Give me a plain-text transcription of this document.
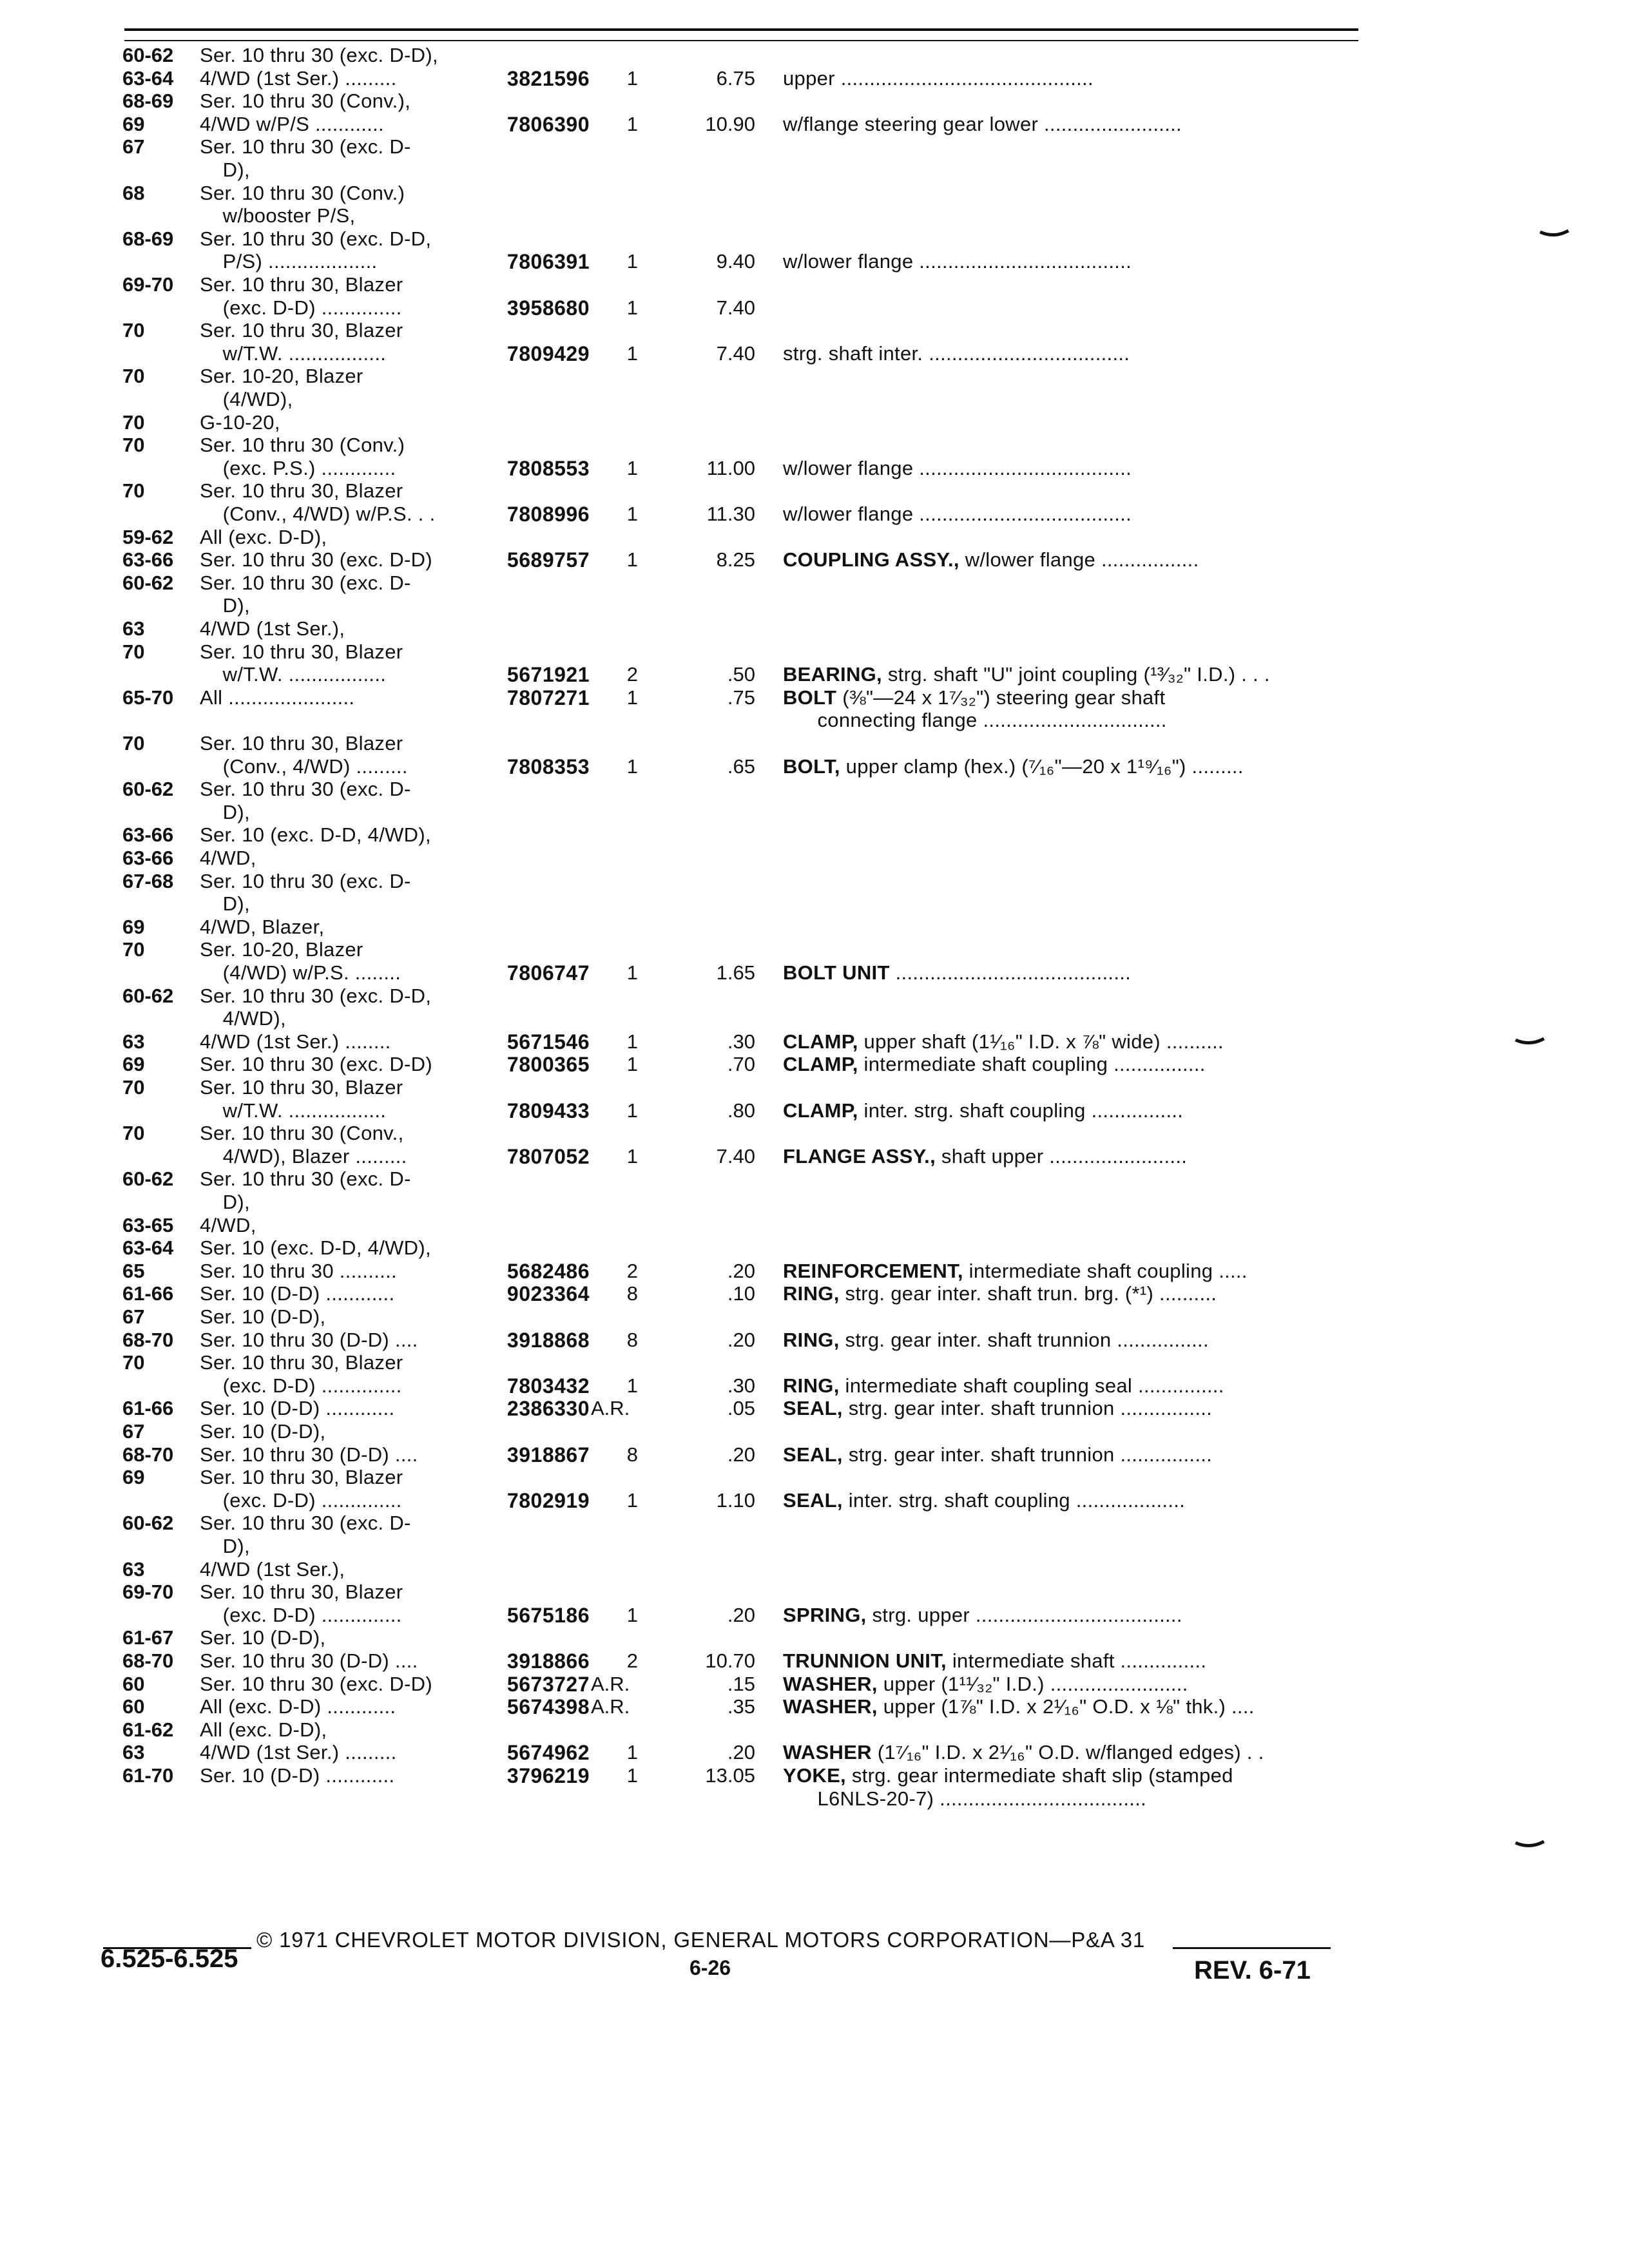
60-62 Ser. 10 thru 30 (exc. D-D),
63-64 4/WD (1st Ser.) .........	3821596	1	6.75 upper ............................................
68-69 Ser. 10 thru 30 (Conv.),
69	4/WD w/P/S ............	7806390	1	10.90 w/flange steering gear lower ........................
67	Ser. 10 thru 30 (exc. D-
D),
68	Ser. 10 thru 30 (Conv.)
w/booster P/S,
68-69 Ser. 10 thru 30 (exc. D-D,
P/S) ...................	7806391	1	9.40 w/lower flange .....................................
69-70 Ser. 10 thru 30, Blazer
(exc. D-D) ..............	3958680	1	7.40
70	Ser. 10 thru 30, Blazer
w/T.W. .................	7809429	1	7.40 strg. shaft inter. ...................................
70	Ser. 10-20, Blazer
(4/WD),
70	G-10-20,
70	Ser. 10 thru 30 (Conv.)
(exc. P.S.) .............	7808553	1	11.00 w/lower flange .....................................
70	Ser. 10 thru 30, Blazer
(Conv., 4/WD) w/P.S. . .	7808996	1	11.30 w/lower flange .....................................
59-62 All (exc. D-D),
63-66 Ser. 10 thru 30 (exc. D-D)	5689757	1	8.25 COUPLING ASSY., w/lower flange .................
60-62 Ser. 10 thru 30 (exc. D-
D),
63	4/WD (1st Ser.),
70	Ser. 10 thru 30, Blazer
w/T.W. .................	5671921	2	.50 BEARING, strg. shaft "U" joint coupling (¹³⁄₃₂" I.D.) . . .
65-70 All ......................	7807271	1	.75 BOLT (⅜"—24 x 1⁷⁄₃₂") steering gear shaft
connecting flange ................................
70	Ser. 10 thru 30, Blazer
(Conv., 4/WD) .........	7808353	1	.65 BOLT, upper clamp (hex.) (⁷⁄₁₆"—20 x 1¹⁹⁄₁₆") .........
60-62 Ser. 10 thru 30 (exc. D-
D),
63-66 Ser. 10 (exc. D-D, 4/WD),
63-66 4/WD,
67-68 Ser. 10 thru 30 (exc. D-
D),
69	4/WD, Blazer,
70	Ser. 10-20, Blazer
(4/WD) w/P.S. ........	7806747	1	1.65 BOLT UNIT .........................................
60-62 Ser. 10 thru 30 (exc. D-D,
4/WD),
63	4/WD (1st Ser.) ........	5671546	1	.30 CLAMP, upper shaft (1¹⁄₁₆" I.D. x ⅞" wide) ..........
69	Ser. 10 thru 30 (exc. D-D)	7800365	1	.70 CLAMP, intermediate shaft coupling ................
70	Ser. 10 thru 30, Blazer
w/T.W. .................	7809433	1	.80 CLAMP, inter. strg. shaft coupling ................
70	Ser. 10 thru 30 (Conv.,
4/WD), Blazer .........	7807052	1	7.40 FLANGE ASSY., shaft upper ........................
60-62 Ser. 10 thru 30 (exc. D-
D),
63-65 4/WD,
63-64 Ser. 10 (exc. D-D, 4/WD),
65	Ser. 10 thru 30 ..........	5682486	2	.20 REINFORCEMENT, intermediate shaft coupling .....
61-66 Ser. 10 (D-D) ............	9023364	8	.10 RING, strg. gear inter. shaft trun. brg. (*¹) ..........
67	Ser. 10 (D-D),
68-70 Ser. 10 thru 30 (D-D) ....	3918868	8	.20 RING, strg. gear inter. shaft trunnion ................
70	Ser. 10 thru 30, Blazer
(exc. D-D) ..............	7803432	1	.30 RING, intermediate shaft coupling seal ...............
61-66 Ser. 10 (D-D) ............	2386330 A.R.	.05 SEAL, strg. gear inter. shaft trunnion ................
67	Ser. 10 (D-D),
68-70 Ser. 10 thru 30 (D-D) ....	3918867	8	.20 SEAL, strg. gear inter. shaft trunnion ................
69	Ser. 10 thru 30, Blazer
(exc. D-D) ..............	7802919	1	1.10 SEAL, inter. strg. shaft coupling ...................
60-62 Ser. 10 thru 30 (exc. D-
D),
63	4/WD (1st Ser.),
69-70 Ser. 10 thru 30, Blazer
(exc. D-D) ..............	5675186	1	.20 SPRING, strg. upper ....................................
61-67 Ser. 10 (D-D),
68-70 Ser. 10 thru 30 (D-D) ....	3918866	2	10.70 TRUNNION UNIT, intermediate shaft ...............
60	Ser. 10 thru 30 (exc. D-D)	5673727 A.R.	.15 WASHER, upper (1¹¹⁄₃₂" I.D.) ........................
60	All (exc. D-D) ............	5674398 A.R.	.35 WASHER, upper (1⅞" I.D. x 2¹⁄₁₆" O.D. x ⅛" thk.) ....
61-62 All (exc. D-D),
63	4/WD (1st Ser.) .........	5674962	1	.20 WASHER (1⁷⁄₁₆" I.D. x 2¹⁄₁₆" O.D. w/flanged edges) . .
61-70 Ser. 10 (D-D) ............	3796219	1	13.05 YOKE, strg. gear intermediate shaft slip (stamped
L6NLS-20-7) ....................................
© 1971 CHEVROLET MOTOR DIVISION, GENERAL MOTORS CORPORATION—P&A 31
6.525-6.525	6-26	REV. 6-71
